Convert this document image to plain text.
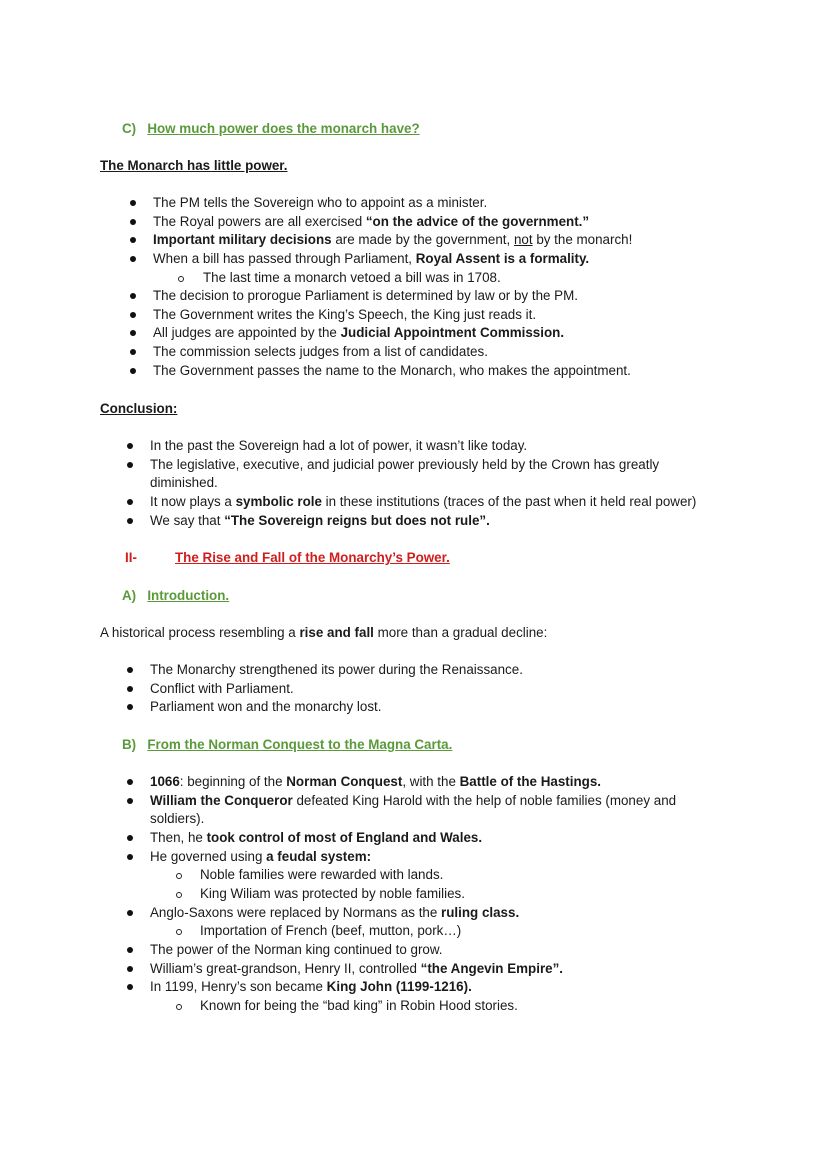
C) How much power does the monarch have?
The Monarch has little power.
The PM tells the Sovereign who to appoint as a minister.
The Royal powers are all exercised “on the advice of the government.”
Important military decisions are made by the government, not by the monarch!
When a bill has passed through Parliament, Royal Assent is a formality.
The last time a monarch vetoed a bill was in 1708.
The decision to prorogue Parliament is determined by law or by the PM.
The Government writes the King’s Speech, the King just reads it.
All judges are appointed by the Judicial Appointment Commission.
The commission selects judges from a list of candidates.
The Government passes the name to the Monarch, who makes the appointment.
Conclusion:
In the past the Sovereign had a lot of power, it wasn’t like today.
The legislative, executive, and judicial power previously held by the Crown has greatly
diminished.
It now plays a symbolic role in these institutions (traces of the past when it held real power)
We say that “The Sovereign reigns but does not rule”.
II-	The Rise and Fall of the Monarchy’s Power.
A) Introduction.
A historical process resembling a rise and fall more than a gradual decline:
The Monarchy strengthened its power during the Renaissance.
Conflict with Parliament.
Parliament won and the monarchy lost.
B) From the Norman Conquest to the Magna Carta.
1066: beginning of the Norman Conquest, with the Battle of the Hastings.
William the Conqueror defeated King Harold with the help of noble families (money and
soldiers).
Then, he took control of most of England and Wales.
He governed using a feudal system:
Noble families were rewarded with lands.
King Wiliam was protected by noble families.
Anglo-Saxons were replaced by Normans as the ruling class.
Importation of French (beef, mutton, pork…)
The power of the Norman king continued to grow.
William’s great-grandson, Henry II, controlled “the Angevin Empire”.
In 1199, Henry’s son became King John (1199-1216).
Known for being the “bad king” in Robin Hood stories.
